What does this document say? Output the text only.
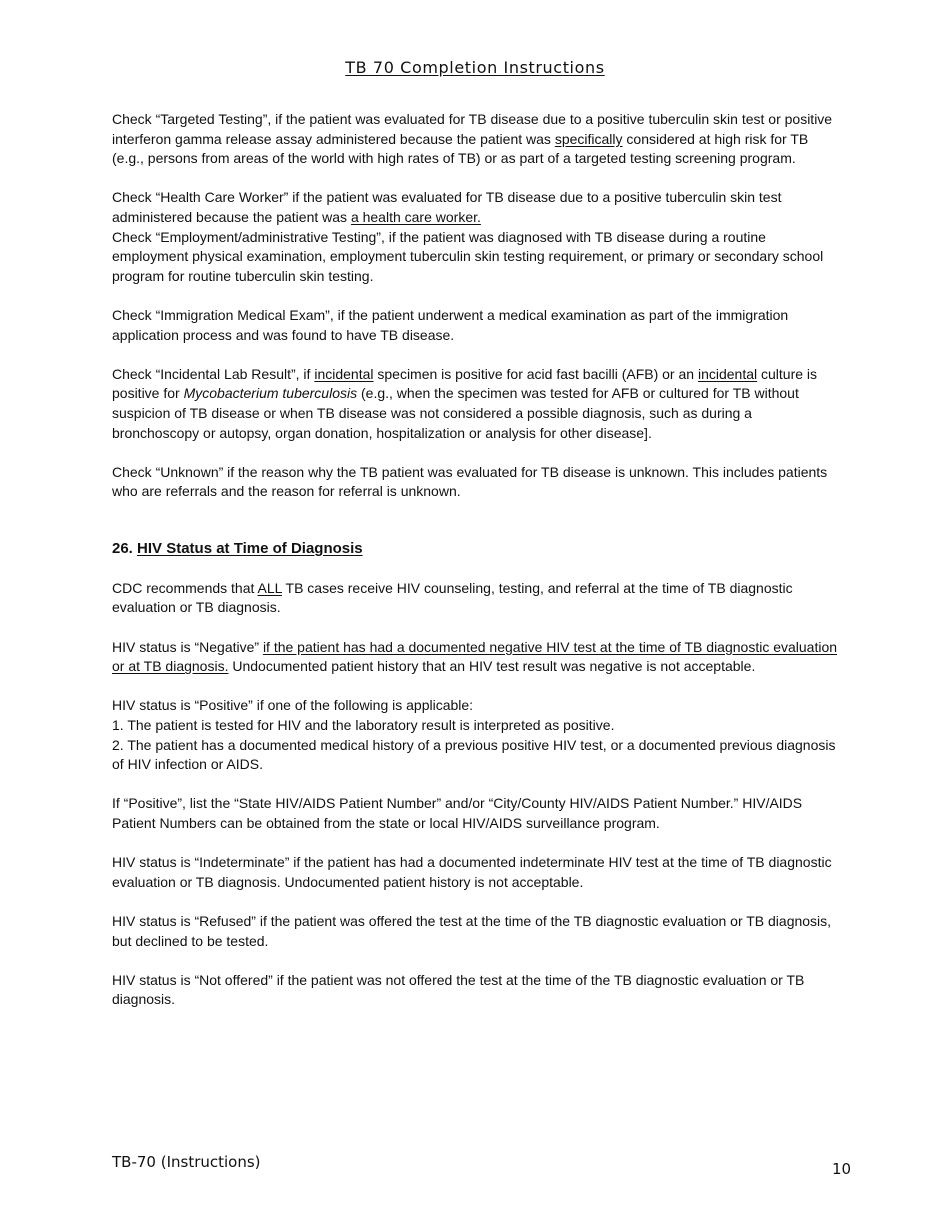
TB 70 Completion Instructions

Check “Targeted Testing”, if the patient was evaluated for TB disease due to a positive tuberculin skin test or positive interferon gamma release assay administered because the patient was specifically considered at high risk for TB (e.g., persons from areas of the world with high rates of TB) or as part of a targeted testing screening program.

Check “Health Care Worker” if the patient was evaluated for TB disease due to a positive tuberculin skin test administered because the patient was a health care worker.

Check “Employment/administrative Testing”, if the patient was diagnosed with TB disease during a routine employment physical examination, employment tuberculin skin testing requirement, or primary or secondary school program for routine tuberculin skin testing.

Check “Immigration Medical Exam”, if the patient underwent a medical examination as part of the immigration application process and was found to have TB disease.

Check “Incidental Lab Result”, if incidental specimen is positive for acid fast bacilli (AFB) or an incidental culture is positive for Mycobacterium tuberculosis (e.g., when the specimen was tested for AFB or cultured for TB without suspicion of TB disease or when TB disease was not considered a possible diagnosis, such as during a bronchoscopy or autopsy, organ donation, hospitalization or analysis for other disease].

Check “Unknown” if the reason why the TB patient was evaluated for TB disease is unknown. This includes patients who are referrals and the reason for referral is unknown.

26. HIV Status at Time of Diagnosis

CDC recommends that ALL TB cases receive HIV counseling, testing, and referral at the time of TB diagnostic evaluation or TB diagnosis.

HIV status is “Negative” if the patient has had a documented negative HIV test at the time of TB diagnostic evaluation or at TB diagnosis. Undocumented patient history that an HIV test result was negative is not acceptable.

HIV status is “Positive” if one of the following is applicable:
1. The patient is tested for HIV and the laboratory result is interpreted as positive.
2. The patient has a documented medical history of a previous positive HIV test, or a documented previous diagnosis of HIV infection or AIDS.

If “Positive”, list the “State HIV/AIDS Patient Number” and/or “City/County HIV/AIDS Patient Number.” HIV/AIDS Patient Numbers can be obtained from the state or local HIV/AIDS surveillance program.

HIV status is “Indeterminate” if the patient has had a documented indeterminate HIV test at the time of TB diagnostic evaluation or TB diagnosis. Undocumented patient history is not acceptable.

HIV status is “Refused” if the patient was offered the test at the time of the TB diagnostic evaluation or TB diagnosis, but declined to be tested.

HIV status is “Not offered” if the patient was not offered the test at the time of the TB diagnostic evaluation or TB diagnosis.

TB-70 (Instructions)	10
